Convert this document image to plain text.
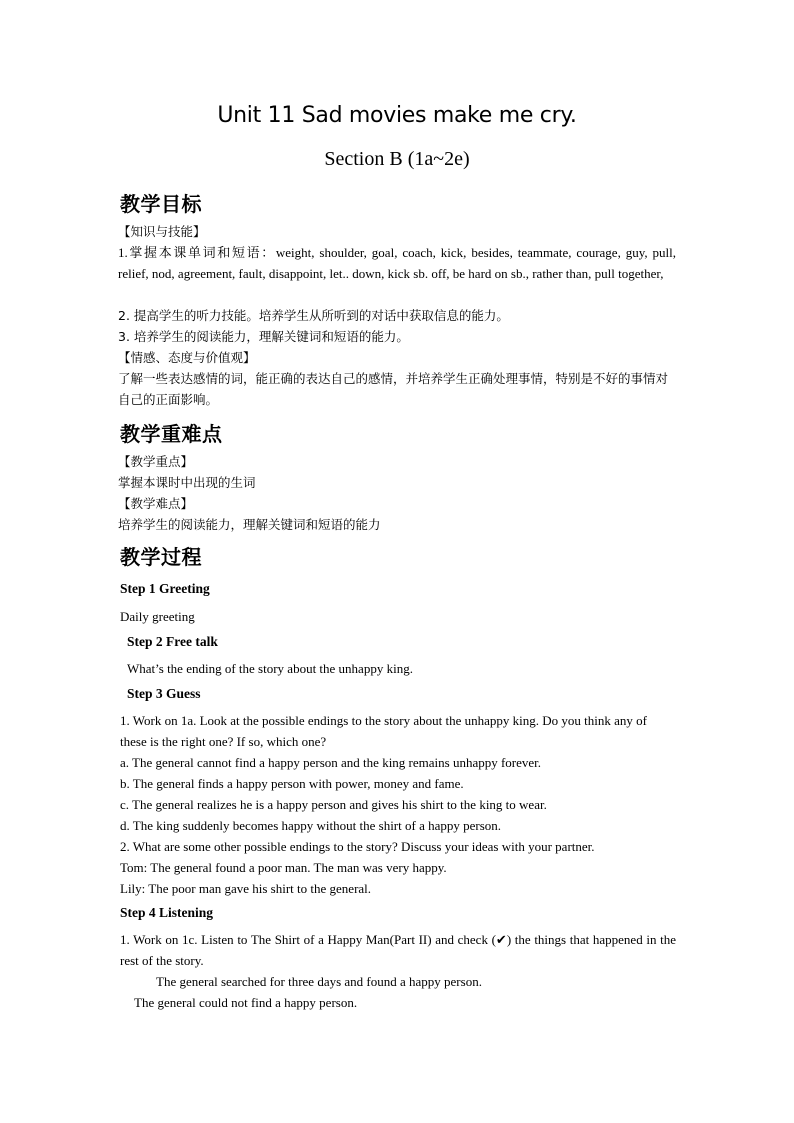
Unit 11 Sad movies make me cry.
Section B (1a~2e)
教学目标
【知识与技能】
1.掌握本课单词和短语：weight, shoulder, goal, coach, kick, besides, teammate, courage, guy, pull, relief, nod, agreement, fault, disappoint, let.. down, kick sb. off, be hard on sb., rather than, pull together,
2. 提高学生的听力技能。培养学生从所听到的对话中获取信息的能力。
3. 培养学生的阅读能力，理解关键词和短语的能力。
【情感、态度与价值观】
了解一些表达感情的词，能正确的表达自己的感情，并培养学生正确处理事情，特别是不好的事情对自己的正面影响。
教学重难点
【教学重点】
掌握本课时中出现的生词
【教学难点】
培养学生的阅读能力，理解关键词和短语的能力
教学过程
Step 1 Greeting
Daily greeting
Step 2 Free talk
What’s the ending of the story about the unhappy king.
Step 3 Guess
1. Work on 1a. Look at the possible endings to the story about the unhappy king. Do you think any of these is the right one? If so, which one?
a. The general cannot find a happy person and the king remains unhappy forever.
b. The general finds a happy person with power, money and fame.
c. The general realizes he is a happy person and gives his shirt to the king to wear.
d. The king suddenly becomes happy without the shirt of a happy person.
2. What are some other possible endings to the story? Discuss your ideas with your partner.
Tom: The general found a poor man. The man was very happy.
Lily: The poor man gave his shirt to the general.
Step 4 Listening
1. Work on 1c. Listen to The Shirt of a Happy Man(Part II) and check (✔) the things that happened in the rest of the story.
The general searched for three days and found a happy person.
The general could not find a happy person.
